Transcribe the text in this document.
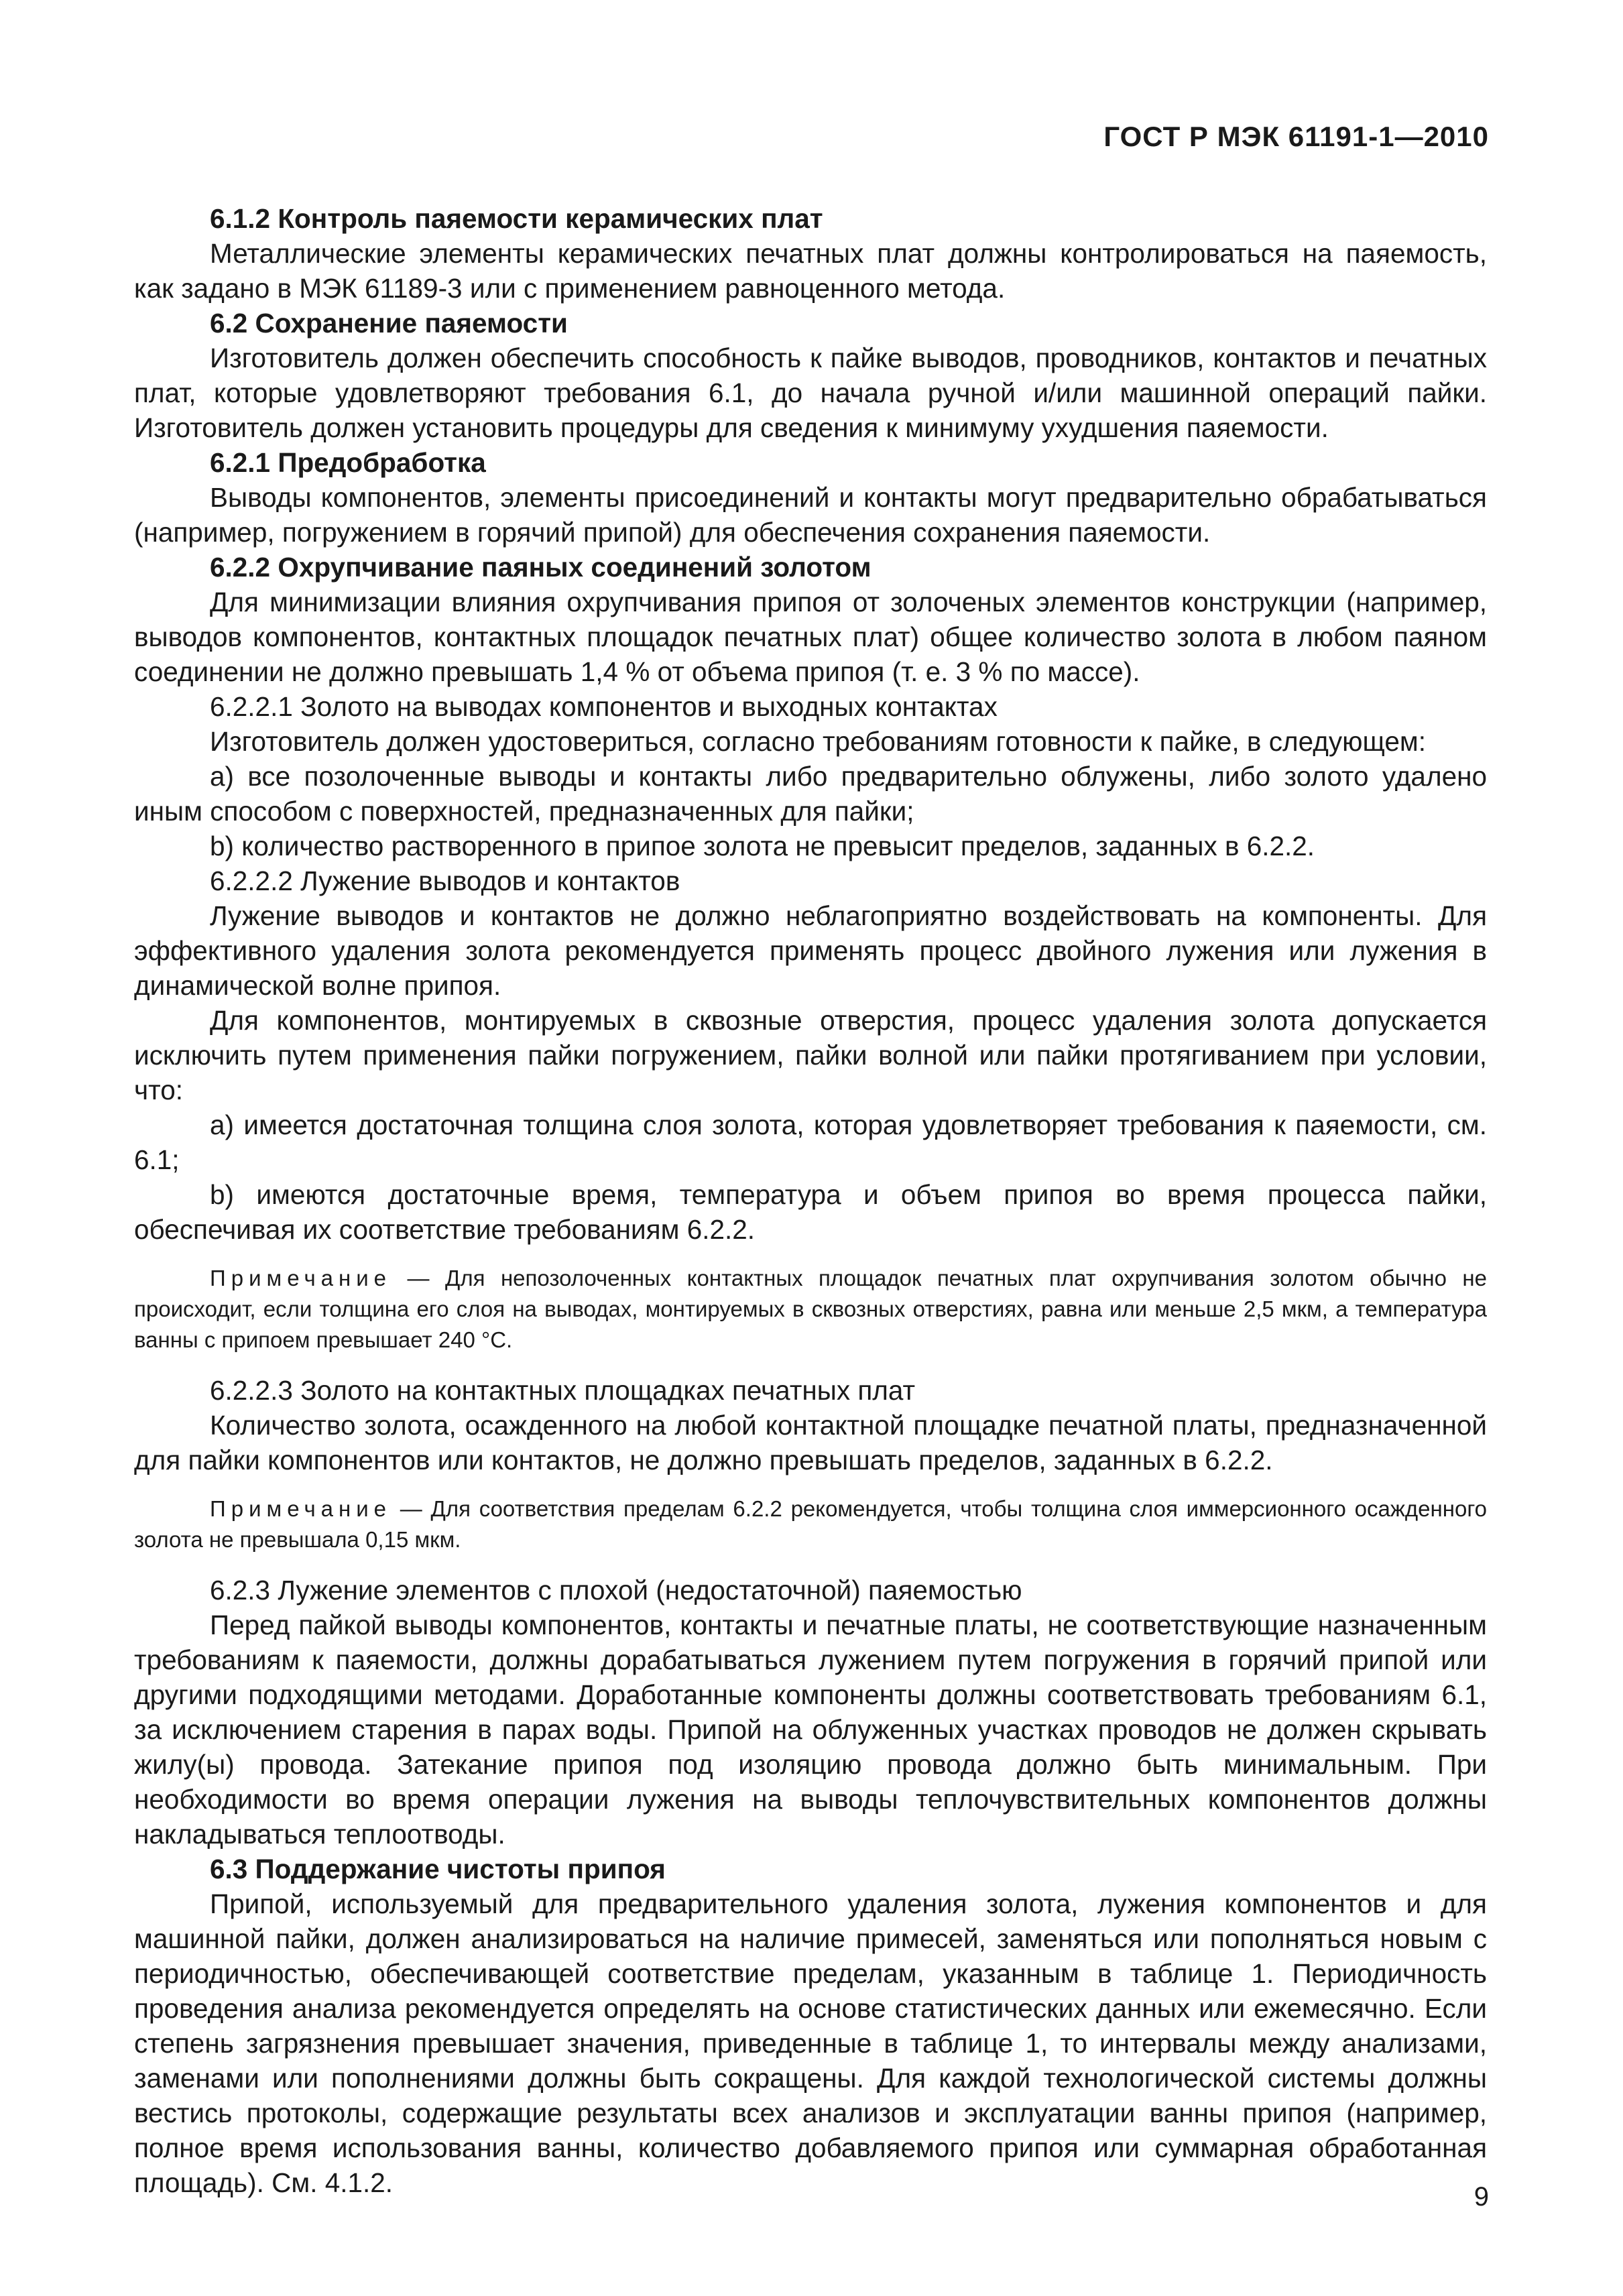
ГОСТ Р МЭК 61191-1—2010

6.1.2 Контроль паяемости керамических плат

Металлические элементы керамических печатных плат должны контролироваться на паяемость, как задано в МЭК 61189-3 или с применением равноценного метода.

6.2 Сохранение паяемости

Изготовитель должен обеспечить способность к пайке выводов, проводников, контактов и печатных плат, которые удовлетворяют требования 6.1, до начала ручной и/или машинной операций пайки. Изготовитель должен установить процедуры для сведения к минимуму ухудшения паяемости.

6.2.1 Предобработка

Выводы компонентов, элементы присоединений и контакты могут предварительно обрабатываться (например, погружением в горячий припой) для обеспечения сохранения паяемости.

6.2.2 Охрупчивание паяных соединений золотом

Для минимизации влияния охрупчивания припоя от золоченых элементов конструкции (например, выводов компонентов, контактных площадок печатных плат) общее количество золота в любом паяном соединении не должно превышать 1,4 % от объема припоя (т. е. 3 % по массе).

6.2.2.1 Золото на выводах компонентов и выходных контактах

Изготовитель должен удостовериться, согласно требованиям готовности к пайке, в следующем:

a) все позолоченные выводы и контакты либо предварительно облужены, либо золото удалено иным способом с поверхностей, предназначенных для пайки;

b) количество растворенного в припое золота не превысит пределов, заданных в 6.2.2.

6.2.2.2 Лужение выводов и контактов

Лужение выводов и контактов не должно неблагоприятно воздействовать на компоненты. Для эффективного удаления золота рекомендуется применять процесс двойного лужения или лужения в динамической волне припоя.

Для компонентов, монтируемых в сквозные отверстия, процесс удаления золота допускается исключить путем применения пайки погружением, пайки волной или пайки протягиванием при условии, что:

a) имеется достаточная толщина слоя золота, которая удовлетворяет требования к паяемости, см. 6.1;

b) имеются достаточные время, температура и объем припоя во время процесса пайки, обеспечивая их соответствие требованиям 6.2.2.

Примечание — Для непозолоченных контактных площадок печатных плат охрупчивания золотом обычно не происходит, если толщина его слоя на выводах, монтируемых в сквозных отверстиях, равна или меньше 2,5 мкм, а температура ванны с припоем превышает 240 °C.

6.2.2.3 Золото на контактных площадках печатных плат

Количество золота, осажденного на любой контактной площадке печатной платы, предназначенной для пайки компонентов или контактов, не должно превышать пределов, заданных в 6.2.2.

Примечание — Для соответствия пределам 6.2.2 рекомендуется, чтобы толщина слоя иммерсионного осажденного золота не превышала 0,15 мкм.

6.2.3 Лужение элементов с плохой (недостаточной) паяемостью

Перед пайкой выводы компонентов, контакты и печатные платы, не соответствующие назначенным требованиям к паяемости, должны дорабатываться лужением путем погружения в горячий припой или другими подходящими методами. Доработанные компоненты должны соответствовать требованиям 6.1, за исключением старения в парах воды. Припой на облуженных участках проводов не должен скрывать жилу(ы) провода. Затекание припоя под изоляцию провода должно быть минимальным. При необходимости во время операции лужения на выводы теплочувствительных компонентов должны накладываться теплоотводы.

6.3 Поддержание чистоты припоя

Припой, используемый для предварительного удаления золота, лужения компонентов и для машинной пайки, должен анализироваться на наличие примесей, заменяться или пополняться новым с периодичностью, обеспечивающей соответствие пределам, указанным в таблице 1. Периодичность проведения анализа рекомендуется определять на основе статистических данных или ежемесячно. Если степень загрязнения превышает значения, приведенные в таблице 1, то интервалы между анализами, заменами или пополнениями должны быть сокращены. Для каждой технологической системы должны вестись протоколы, содержащие результаты всех анализов и эксплуатации ванны припоя (например, полное время использования ванны, количество добавляемого припоя или суммарная обработанная площадь). См. 4.1.2.	9
